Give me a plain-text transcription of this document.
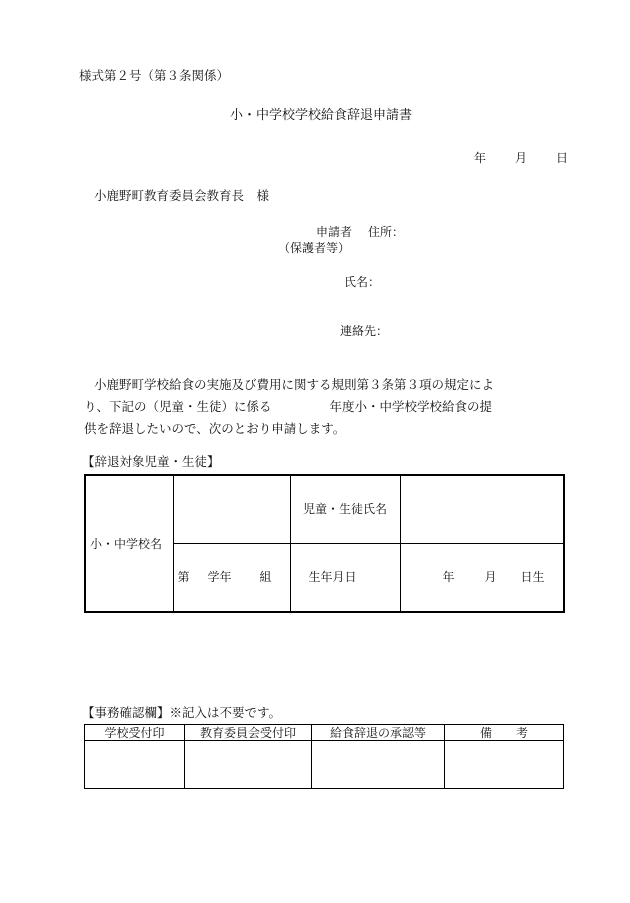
様式第２号（第３条関係）
小・中学校学校給食辞退申請書
年 月 日
小鹿野町教育委員会教育長　様
申請者 住所：
（保護者等）
氏名：
連絡先：
小鹿野町学校給食の実施及び費用に関する規則第３条第３項の規定によ
り、下記の（児童・生徒）に係る	年度小・中学校学校給食の提
供を辞退したいので、次のとおり申請します。
【辞退対象児童・生徒】
小・中学校名		児童・生徒氏名	
	第 学年 組	生年月日	年 月 日生
【事務確認欄】※記入は不要です。
学校受付印	教育委員会受付印	給食辞退の承認等	備　　考
